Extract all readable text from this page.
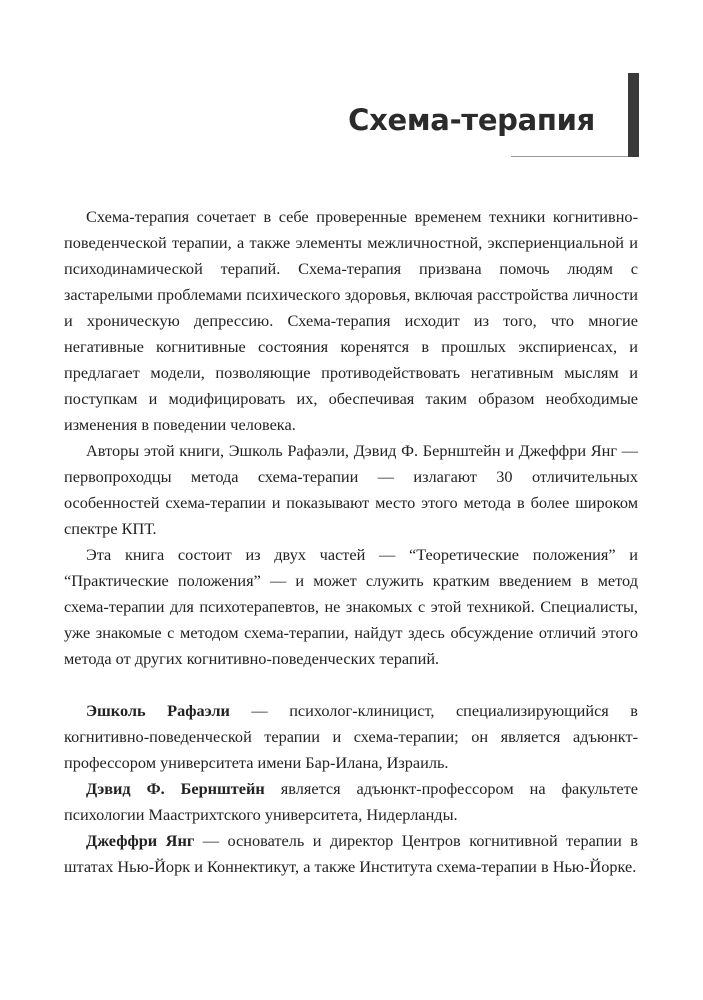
Схема-терапия

Схема-терапия сочетает в себе проверенные временем техники когнитивно-поведенческой терапии, а также элементы межличностной, экспериенциальной и психодинамической терапий. Схема-терапия призвана помочь людям с застарелыми проблемами психического здоровья, включая расстройства личности и хроническую депрессию. Схема-терапия исходит из того, что многие негативные когнитивные состояния коренятся в прошлых экспириенсах, и предлагает модели, позволяющие противодействовать негативным мыслям и поступкам и модифицировать их, обеспечивая таким образом необходимые изменения в поведении человека.

Авторы этой книги, Эшколь Рафаэли, Дэвид Ф. Бернштейн и Джеффри Янг — первопроходцы метода схема-терапии — излагают 30 отличительных особенностей схема-терапии и показывают место этого метода в более широком спектре КПТ.

Эта книга состоит из двух частей — “Теоретические положения” и “Практические положения” — и может служить кратким введением в метод схема-терапии для психотерапевтов, не знакомых с этой техникой. Специалисты, уже знакомые с методом схема-терапии, найдут здесь обсуждение отличий этого метода от других когнитивно-поведенческих терапий.

Эшколь Рафаэли — психолог-клиницист, специализирующийся в когнитивно-поведенческой терапии и схема-терапии; он является адъюнкт-профессором университета имени Бар-Илана, Израиль.

Дэвид Ф. Бернштейн является адъюнкт-профессором на факультете психологии Маастрихтского университета, Нидерланды.

Джеффри Янг — основатель и директор Центров когнитивной терапии в штатах Нью-Йорк и Коннектикут, а также Института схема-терапии в Нью-Йорке.
